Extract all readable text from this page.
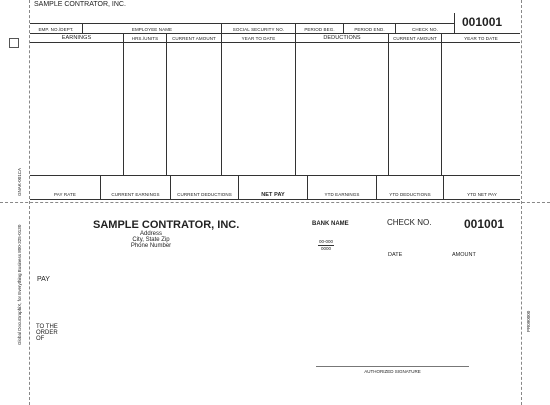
Global DocuGraphiX, for Everything Business 800-325-0130
GNAK-001CA
PR090000
SAMPLE CONTRATOR, INC.
EMP. NO./DEPT.	EMPLOYEE NAME	SOCIAL SECURITY NO.	PERIOD BEG.	PERIOD END.	CHECK NO.	001001
EARNINGS	HRS./UNITS	CURRENT AMOUNT	YEAR TO DATE	DEDUCTIONS	CURRENT AMOUNT	YEAR TO DATE
PAY RATE	CURRENT EARNINGS	CURRENT DEDUCTIONS	NET PAY	YTD EARNINGS	YTD DEDUCTIONS	YTD NET PAY
SAMPLE CONTRATOR, INC.
Address
City, State Zip
Phone Number
BANK NAME
00-000
0000
CHECK NO.	001001
DATE	AMOUNT
PAY
TO THE
ORDER
OF
AUTHORIZED SIGNATURE
